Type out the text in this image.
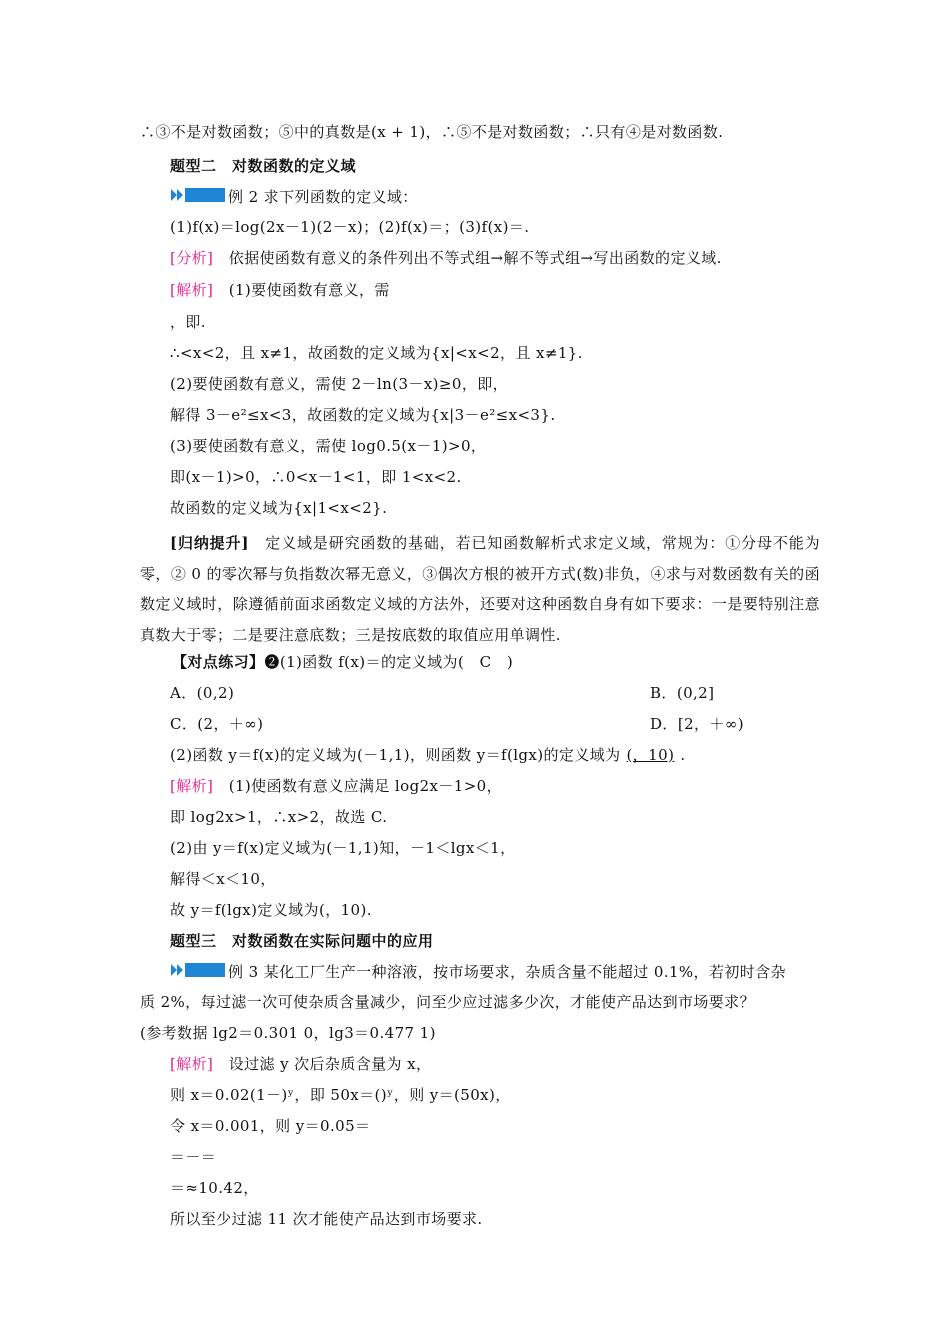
∴③不是对数函数；⑤中的真数是(x + 1)，∴⑤不是对数函数；∴只有④是对数函数.
题型二　对数函数的定义域
例 2 求下列函数的定义域：
(1)f(x)＝log(2x－1)(2－x)；(2)f(x)＝；(3)f(x)＝.
[分析]　 依据使函数有意义的条件列出不等式组→解不等式组→写出函数的定义域.
[解析]　 (1)要使函数有意义，需
，即.
∴<x<2，且 x≠1，故函数的定义域为{x|<x<2，且 x≠1}.
(2)要使函数有意义，需使 2－ln(3－x)≥0，即，
解得 3－e²≤x<3，故函数的定义域为{x|3－e²≤x<3}.
(3)要使函数有意义，需使 log0.5(x－1)>0，
即(x－1)>0，∴0<x－1<1，即 1<x<2.
故函数的定义域为{x|1<x<2}.
[归纳提升]　 定义域是研究函数的基础，若已知函数解析式求定义域，常规为：①分母不能为零，② 0 的零次幂与负指数次幂无意义，③偶次方根的被开方式(数)非负，④求与对数函数有关的函数定义域时，除遵循前面求函数定义域的方法外，还要对这种函数自身有如下要求：一是要特别注意真数大于零；二是要注意底数；三是按底数的取值应用单调性.
【对点练习】❷(1)函数 f(x)＝的定义域为(　C　)
A．(0,2)	B．(0,2]
C．(2，＋∞)	D．[2，＋∞)
(2)函数 y＝f(x)的定义域为(－1,1)，则函数 y＝f(lgx)的定义域为 (，10) .
[解析]　 (1)使函数有意义应满足 log2x－1>0，
即 log2x>1，∴x>2，故选 C.
(2)由 y＝f(x)定义域为(－1,1)知，－1＜lgx＜1，
解得＜x＜10，
故 y＝f(lgx)定义域为(，10).
题型三　对数函数在实际问题中的应用
例 3 某化工厂生产一种溶液，按市场要求，杂质含量不能超过 0.1%，若初时含杂
质 2%，每过滤一次可使杂质含量减少，问至少应过滤多少次，才能使产品达到市场要求？
(参考数据 lg2＝0.301 0，lg3＝0.477 1)
[解析]　 设过滤 y 次后杂质含量为 x，
则 x＝0.02(1－)ʸ，即 50x＝()ʸ，则 y＝(50x)，
令 x＝0.001，则 y＝0.05＝
＝－＝
＝≈10.42，
所以至少过滤 11 次才能使产品达到市场要求.
